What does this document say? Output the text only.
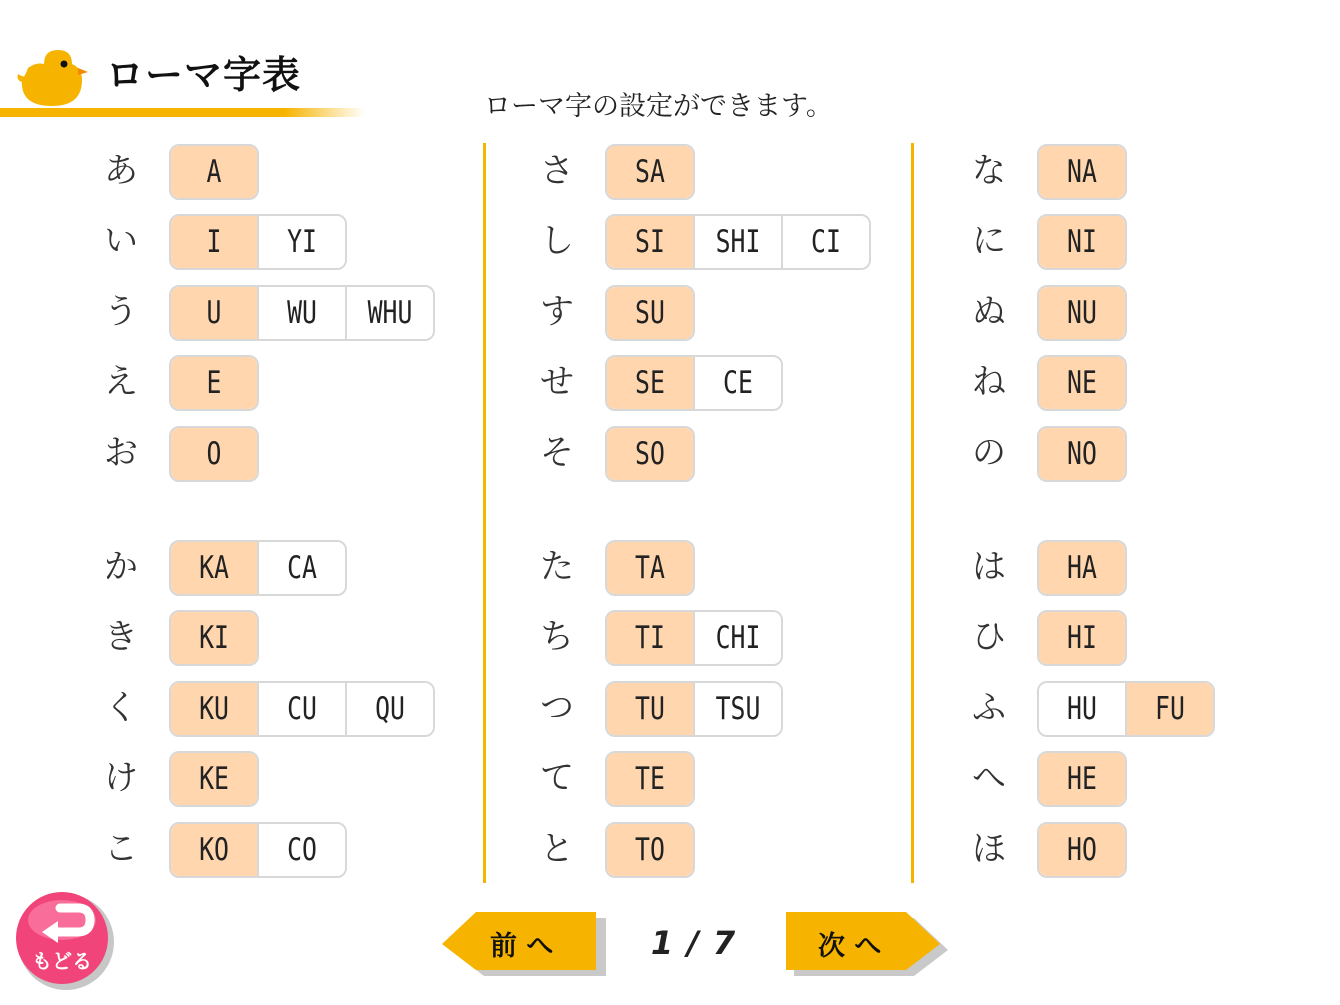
ローマ字表
ローマ字の設定ができます。
あ	A
い	I	YI
う	U	WU	WHU
え	E
お	O
か	KA	CA
き	KI
く	KU	CU	QU
け	KE
こ	KO	CO
さ	SA
し	SI	SHI	CI
す	SU
せ	SE	CE
そ	SO
た	TA
ち	TI	CHI
つ	TU	TSU
て	TE
と	TO
な	NA
に	NI
ぬ	NU
ね	NE
の	NO
は	HA
ひ	HI
ふ	HU	FU
へ	HE
ほ	HO
もどる	前 へ	1/7	次 へ
